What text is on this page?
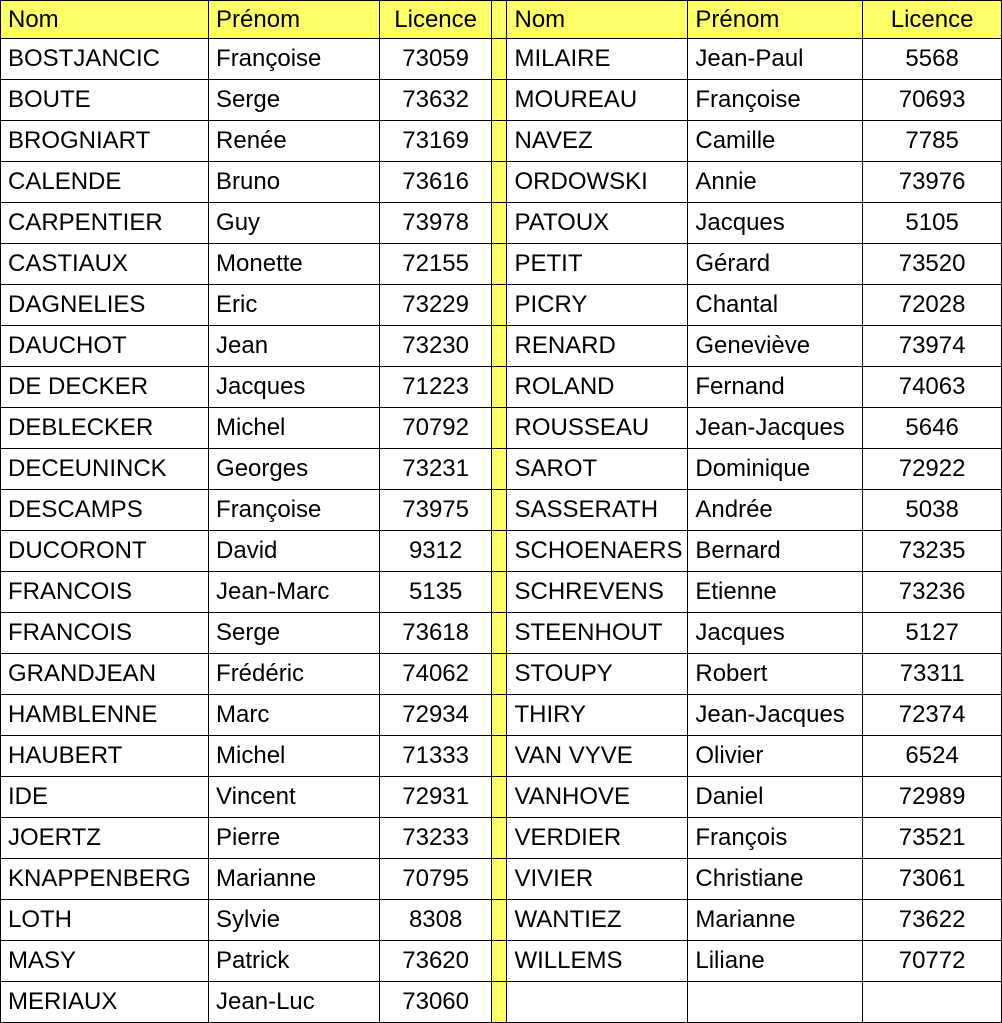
Nom	Prénom	Licence		Nom	Prénom	Licence
BOSTJANCIC	Françoise	73059		MILAIRE	Jean-Paul	5568
BOUTE	Serge	73632		MOUREAU	Françoise	70693
BROGNIART	Renée	73169		NAVEZ	Camille	7785
CALENDE	Bruno	73616		ORDOWSKI	Annie	73976
CARPENTIER	Guy	73978		PATOUX	Jacques	5105
CASTIAUX	Monette	72155		PETIT	Gérard	73520
DAGNELIES	Eric	73229		PICRY	Chantal	72028
DAUCHOT	Jean	73230		RENARD	Geneviève	73974
DE DECKER	Jacques	71223		ROLAND	Fernand	74063
DEBLECKER	Michel	70792		ROUSSEAU	Jean-Jacques	5646
DECEUNINCK	Georges	73231		SAROT	Dominique	72922
DESCAMPS	Françoise	73975		SASSERATH	Andrée	5038
DUCORONT	David	9312		SCHOENAERS	Bernard	73235
FRANCOIS	Jean-Marc	5135		SCHREVENS	Etienne	73236
FRANCOIS	Serge	73618		STEENHOUT	Jacques	5127
GRANDJEAN	Frédéric	74062		STOUPY	Robert	73311
HAMBLENNE	Marc	72934		THIRY	Jean-Jacques	72374
HAUBERT	Michel	71333		VAN VYVE	Olivier	6524
IDE	Vincent	72931		VANHOVE	Daniel	72989
JOERTZ	Pierre	73233		VERDIER	François	73521
KNAPPENBERG	Marianne	70795		VIVIER	Christiane	73061
LOTH	Sylvie	8308		WANTIEZ	Marianne	73622
MASY	Patrick	73620		WILLEMS	Liliane	70772
MERIAUX	Jean-Luc	73060				
